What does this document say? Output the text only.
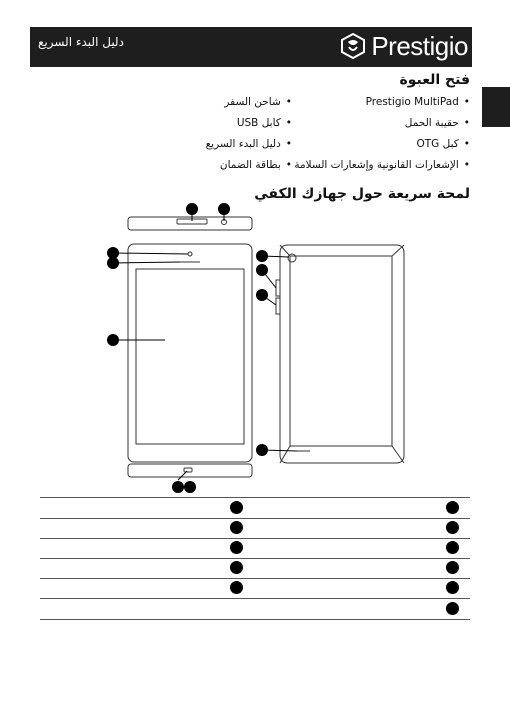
دليل البدء السريع	Prestigio
فتح العبوة
• Prestigio MultiPad
• حقيبة الحمل
• كبل OTG
• الإشعارات القانونية وإشعارات السلامة
• شاحن السفر
• كابل USB
• دليل البدء السريع
• بطاقة الضمان
لمحة سريعة حول جهازك الكفي
